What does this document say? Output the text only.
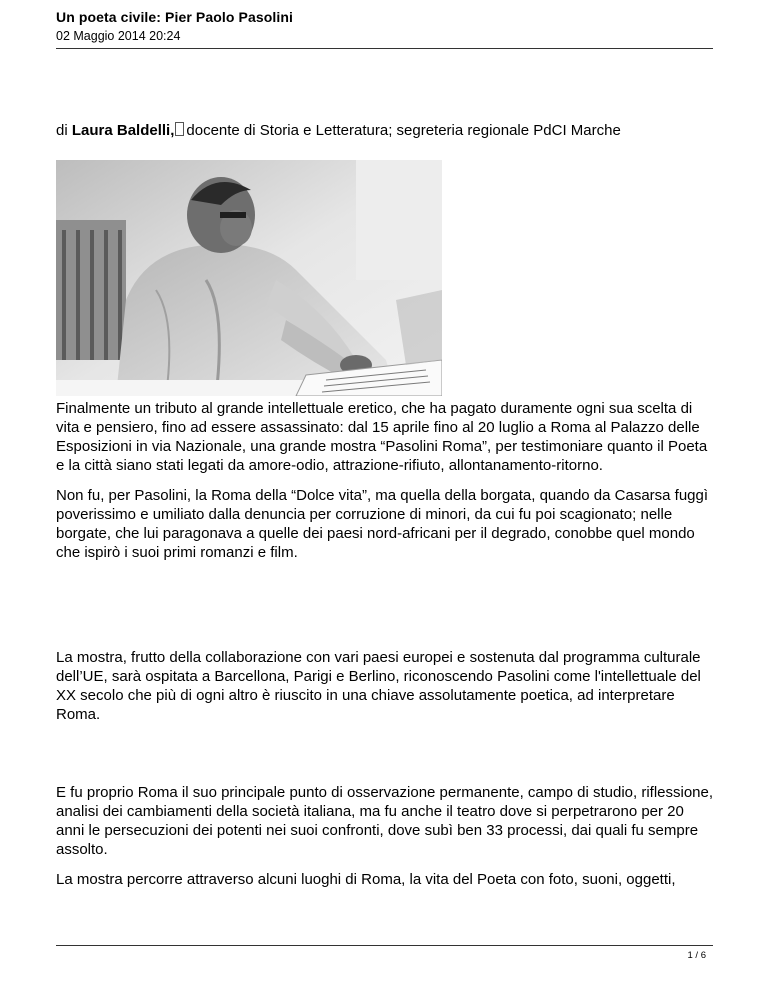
Un poeta civile: Pier Paolo Pasolini
02 Maggio 2014 20:24
di Laura Baldelli, docente di Storia e Letteratura; segreteria regionale PdCI Marche

Finalmente un tributo al grande intellettuale eretico, che ha pagato duramente ogni sua scelta di vita e pensiero, fino ad essere assassinato: dal 15 aprile fino al 20 luglio a Roma al Palazzo delle Esposizioni in via Nazionale, una grande mostra “Pasolini Roma”, per testimoniare quanto il Poeta e la città siano stati legati da amore-odio, attrazione-rifiuto, allontanamento-ritorno.

Non fu, per Pasolini, la Roma della “Dolce vita”, ma quella della borgata, quando da Casarsa fuggì poverissimo e umiliato dalla denuncia per corruzione di minori, da cui fu poi scagionato; nelle borgate, che lui paragonava a quelle dei paesi nord-africani per il degrado, conobbe quel mondo che ispirò i suoi primi romanzi e film.

La mostra, frutto della collaborazione con vari paesi europei e sostenuta dal programma culturale dell’UE, sarà ospitata a Barcellona, Parigi e Berlino, riconoscendo Pasolini come l'intellettuale del XX secolo che più di ogni altro è riuscito in una chiave assolutamente poetica, ad interpretare Roma.

E fu proprio Roma il suo principale punto di osservazione permanente, campo di studio, riflessione, analisi dei cambiamenti della società italiana, ma fu anche il teatro dove si perpetrarono per 20 anni le persecuzioni dei potenti nei suoi confronti, dove subì ben 33 processi, dai quali fu sempre assolto.

La mostra percorre attraverso alcuni luoghi di Roma, la vita del Poeta con foto, suoni, oggetti,

1 / 6
